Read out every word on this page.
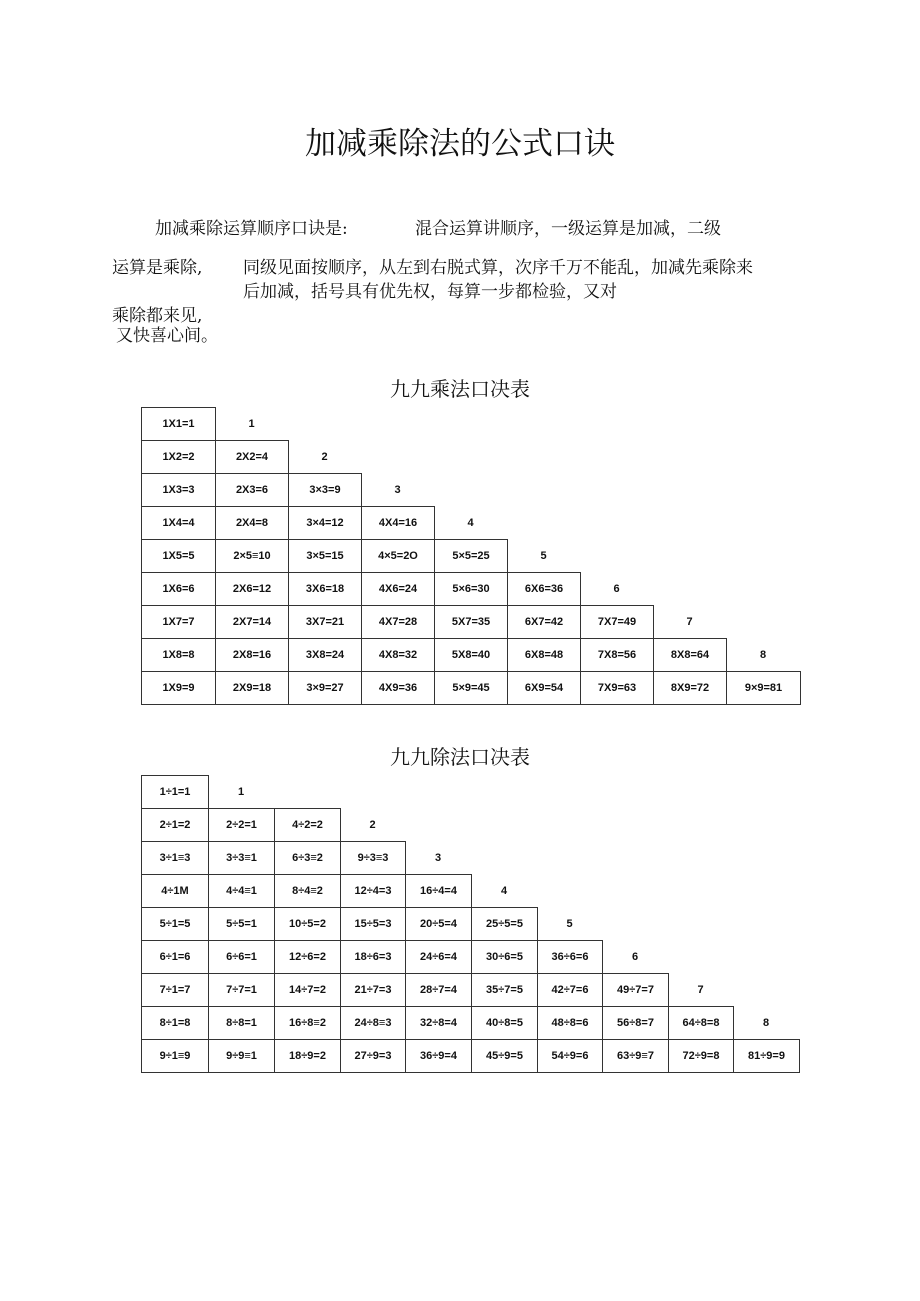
加减乘除法的公式口诀
加减乘除运算顺序口诀是:	混合运算讲顺序，一级运算是加减，二级
运算是乘除, 同级见面按顺序，从左到右脱式算，次序千万不能乱，加减先乘除来
后加减，括号具有优先权，每算一步都检验，又对
乘除都来见,
又快喜心间。
九九乘法口决表
1X1=1	1
1X2=2	2X2=4	2
1X3=3	2X3=6	3×3=9	3
1X4=4	2X4=8	3×4=12	4X4=16	4
1X5=5	2×5≡10	3×5=15	4×5=2O	5×5=25	5
1X6=6	2X6=12	3X6=18	4X6=24	5×6=30	6X6=36	6
1X7=7	2X7=14	3X7=21	4X7=28	5X7=35	6X7=42	7X7=49	7
1X8=8	2X8=16	3X8=24	4X8=32	5X8=40	6X8=48	7X8=56	8X8=64	8
1X9=9	2X9=18	3×9=27	4X9=36	5×9=45	6X9=54	7X9=63	8X9=72	9×9=81
九九除法口决表
1÷1=1	1
2÷1=2	2÷2=1	4÷2=2	2
3÷1≡3	3÷3≡1	6÷3≡2	9÷3≡3	3
4÷1M	4÷4≡1	8÷4≡2	12÷4=3	16÷4=4	4
5÷1=5	5÷5=1	10÷5=2	15÷5=3	20÷5=4	25÷5=5	5
6÷1=6	6÷6=1	12÷6=2	18÷6=3	24÷6=4	30÷6=5	36÷6=6	6
7÷1=7	7÷7=1	14÷7=2	21÷7=3	28÷7=4	35÷7=5	42÷7=6	49÷7=7	7
8÷1=8	8÷8=1	16÷8≡2	24÷8≡3	32÷8=4	40÷8=5	48÷8=6	56÷8=7	64÷8=8	8
9÷1≡9	9÷9≡1	18÷9=2	27÷9=3	36÷9=4	45÷9=5	54÷9=6	63÷9≡7	72÷9=8	81÷9=9
